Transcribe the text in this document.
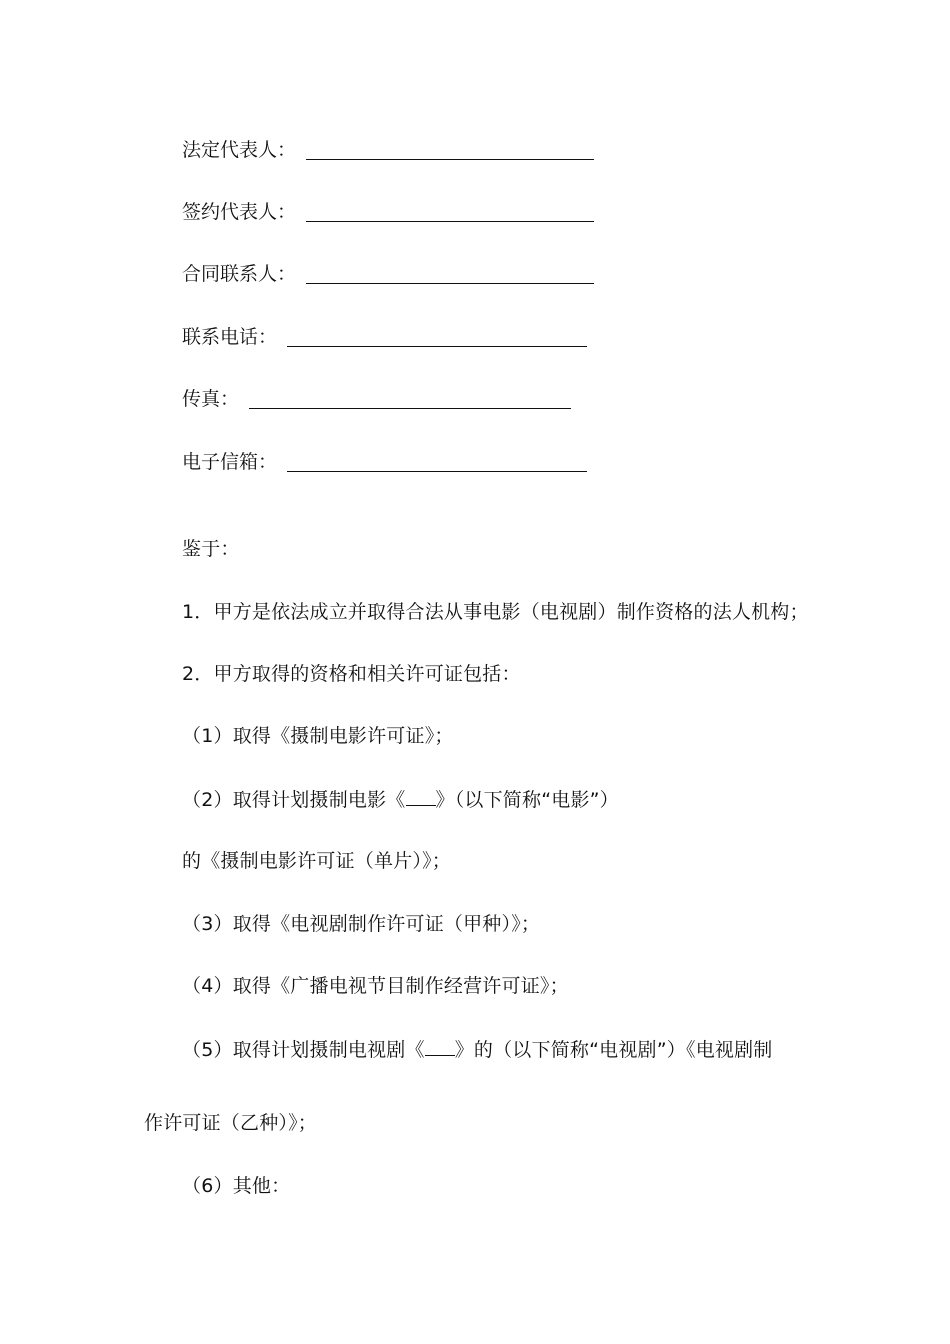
法定代表人：
签约代表人：
合同联系人：
联系电话：
传真：
电子信箱：
鉴于：
1．甲方是依法成立并取得合法从事电影（电视剧）制作资格的法人机构；
2．甲方取得的资格和相关许可证包括：
（1）取得《摄制电影许可证》；
（2）取得计划摄制电影《 》（以下简称“电影”）
的《摄制电影许可证（单片）》；
（3）取得《电视剧制作许可证（甲种）》；
（4）取得《广播电视节目制作经营许可证》；
（5）取得计划摄制电视剧《 》的（以下简称“电视剧”）《电视剧制
作许可证（乙种）》；
（6）其他：
